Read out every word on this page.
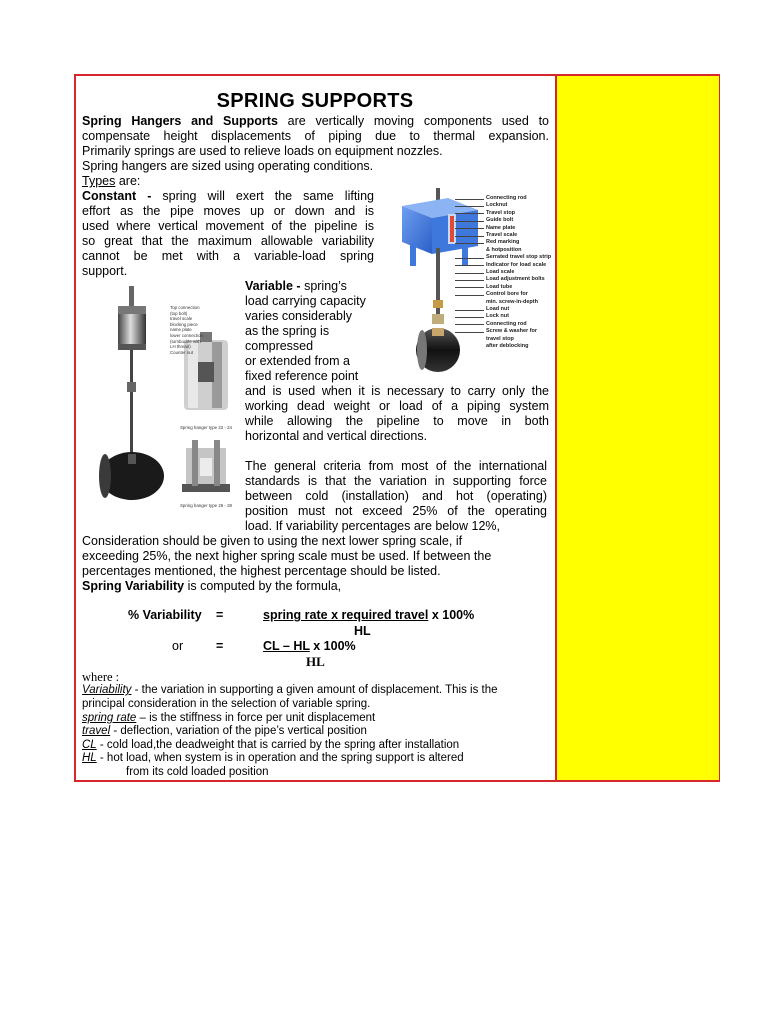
SPRING SUPPORTS
Spring Hangers and Supports are vertically moving components used to
compensate height displacements of piping due to thermal expansion.
Primarily springs are used to relieve loads on equipment nozzles.
Spring hangers are sized using operating conditions.
Types are:
Constant - spring will exert the same lifting
effort as the pipe moves up or down and is
used where vertical movement of the pipeline is
so great that the maximum allowable variability
cannot be met with a variable-load spring
support.
Variable - spring’s
load carrying capacity
varies considerably
as the spring is
compressed
or extended from a
fixed reference point
and is used when it is necessary to carry only the
working dead weight or load of a piping system
while allowing the pipeline to move in both
horizontal and vertical directions.
The general criteria from most of the international
standards is that the variation in supporting force
between cold (installation) and hot (operating)
position must not exceed 25% of the operating
load. If variability percentages are below 12%,
Consideration should be given to using the next lower spring scale, if
exceeding 25%, the next higher spring scale must be used. If between the
percentages mentioned, the highest percentage should be listed.
Spring Variability is computed by the formula,
% Variability =	spring rate x required travel x 100%
HL
or	=	CL – HL x 100%
HL
where :
Variability - the variation in supporting a given amount of displacement. This is the
principal consideration in the selection of variable spring.
spring rate – is the stiffness in force per unit displacement
travel - deflection, variation of the pipe’s vertical position
CL - cold load,the deadweight that is carried by the spring after installation
HL - hot load, when system is in operation and the spring support is altered
from its cold loaded position
Connecting rod
Locknut
Travel stop
Guide bolt
Name plate
Travel scale
Red marking
& hotposition
Serrated travel stop strip
Indicator for load scale
Load scale
Load adjustment bolts
Load tube
Control bore for
min. screw-in-depth
Load nut
Lock nut
Connecting rod
Screw & washer for
travel stop
after deblocking
Top connection
(top bolt)
travel scale
blocking piece
name plate
lower connection
(turnbuckle with
LH thread)
Counter nut
Spring hanger type 22 - 24
Spring hanger type 26 - 28
